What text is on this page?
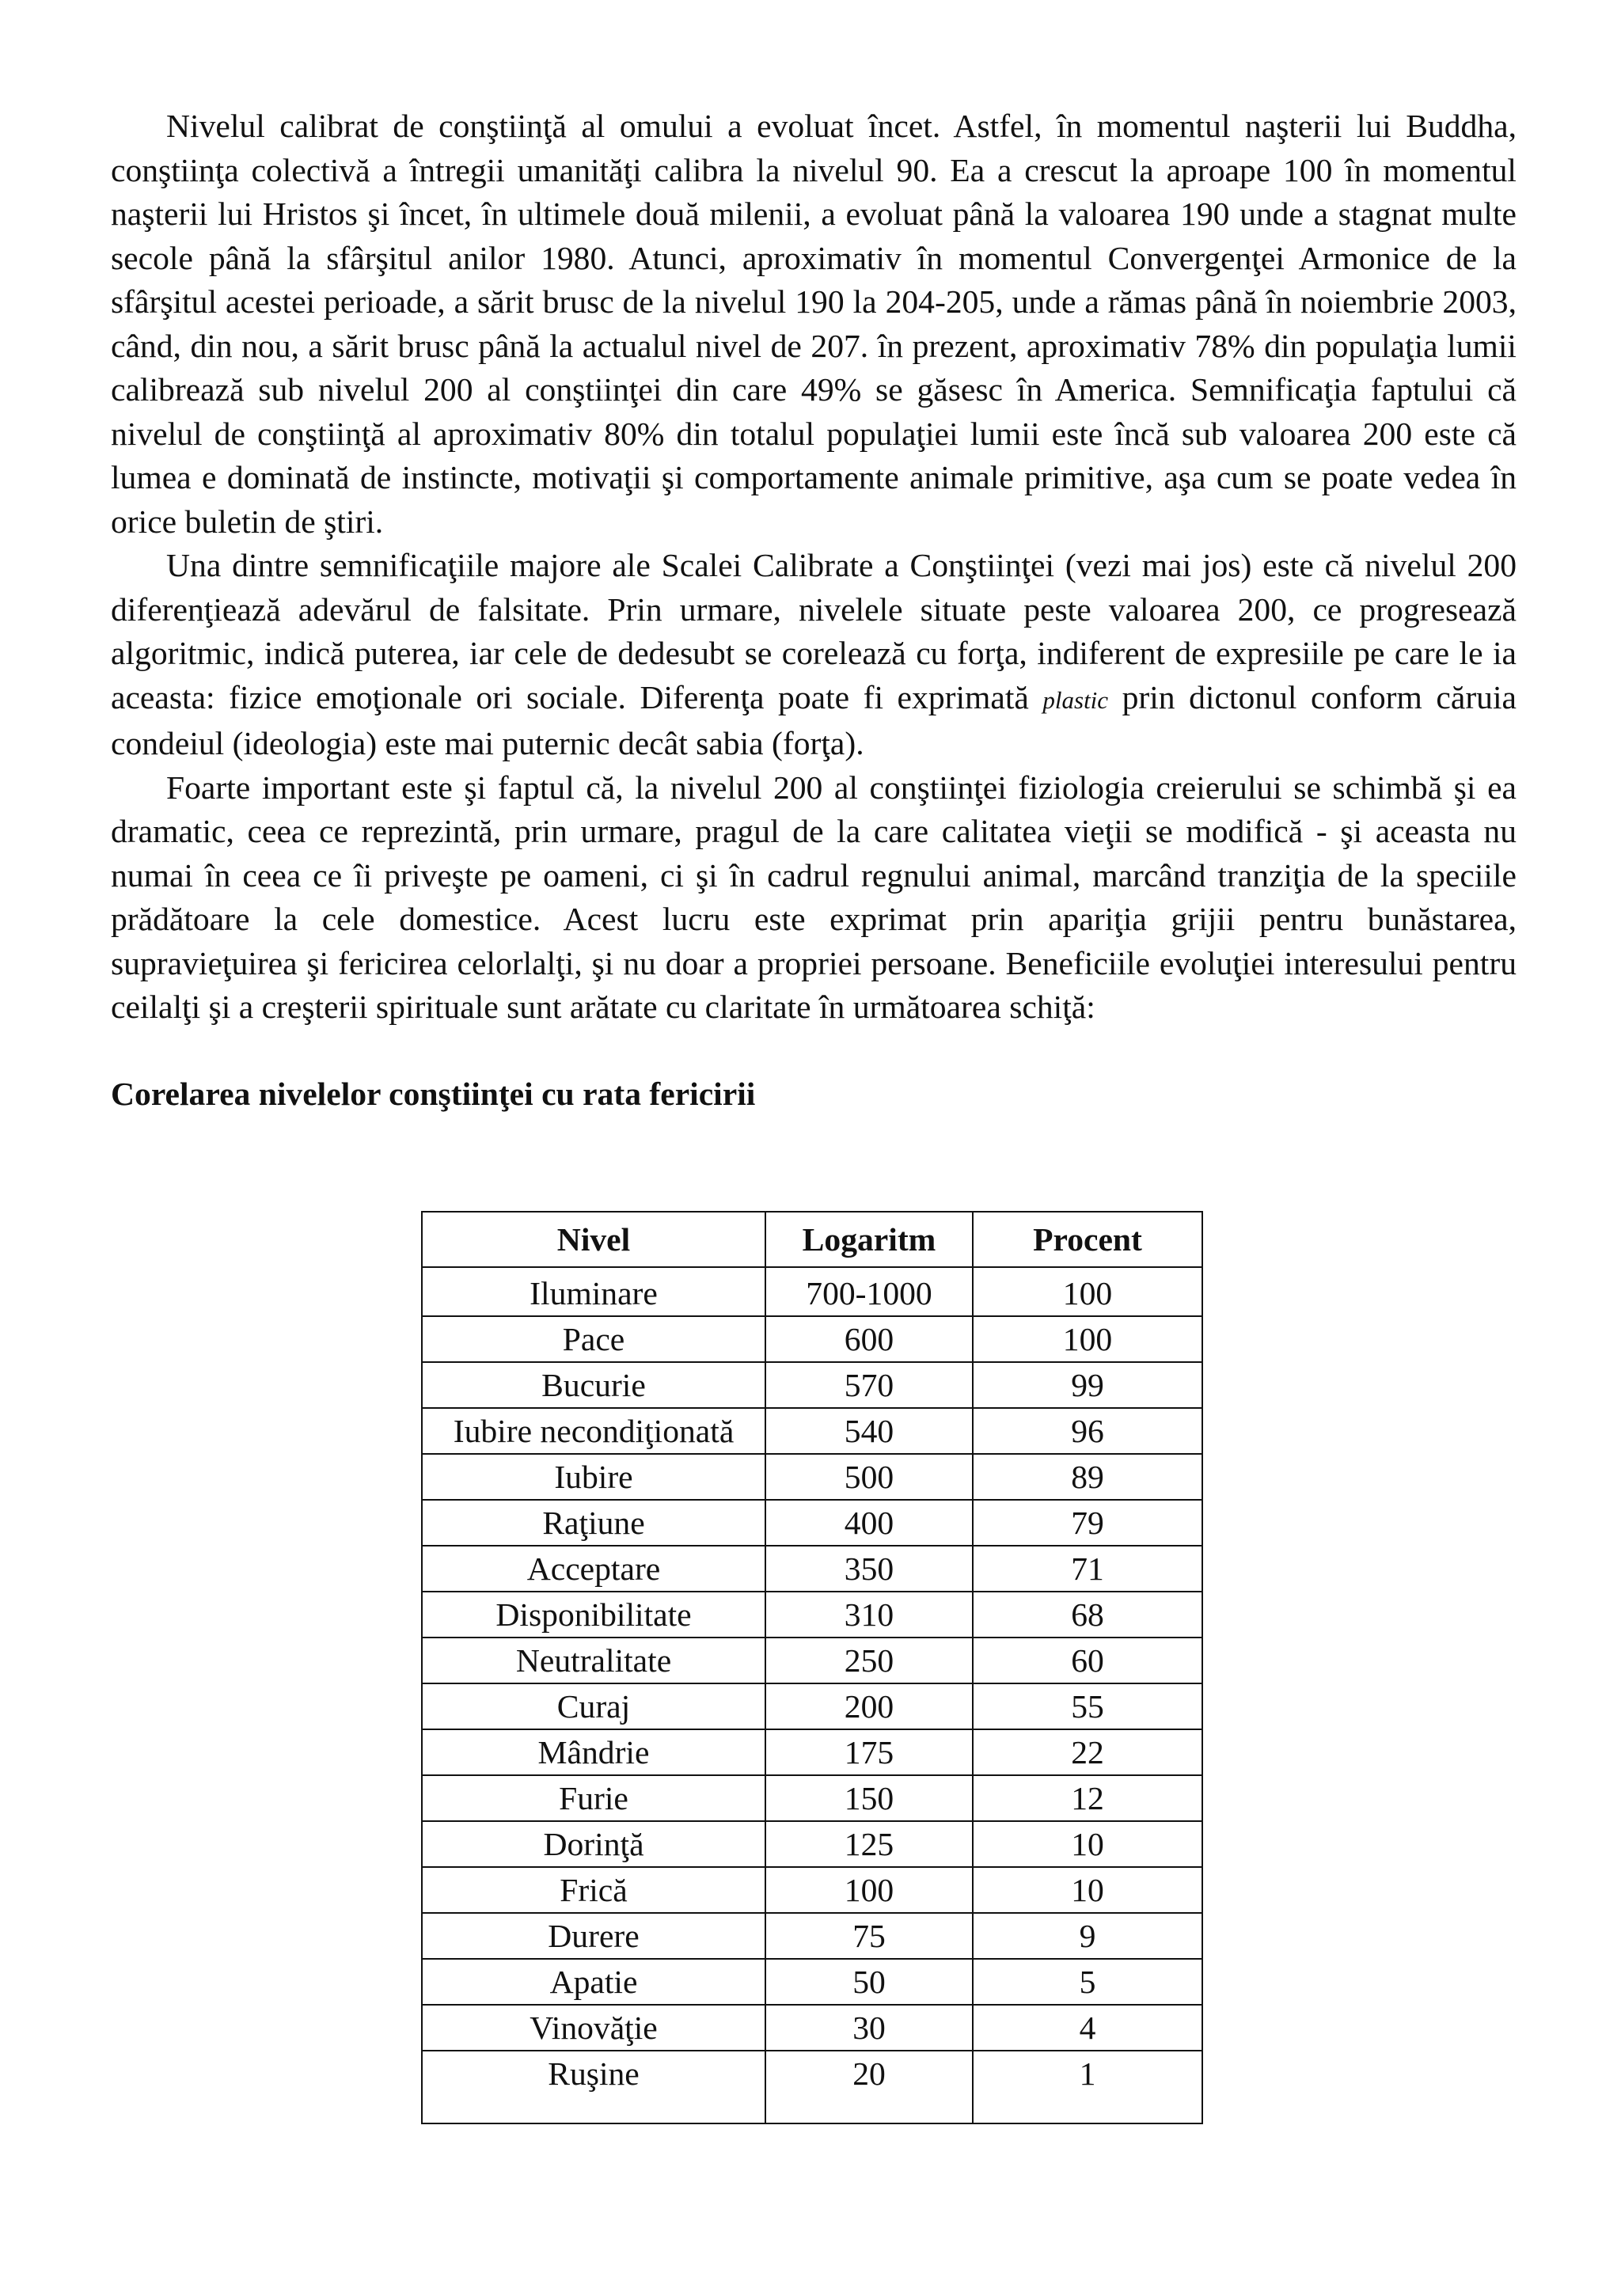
Nivelul calibrat de conştiinţă al omului a evoluat încet. Astfel, în momentul naşterii lui Buddha, conştiinţa colectivă a întregii umanităţi calibra la nivelul 90. Ea a crescut la aproape 100 în momentul naşterii lui Hristos şi încet, în ultimele două milenii, a evoluat până la valoarea 190 unde a stagnat multe secole până la sfârşitul anilor 1980. Atunci, aproximativ în momentul Convergenţei Armonice de la sfârşitul acestei perioade, a sărit brusc de la nivelul 190 la 204-205, unde a rămas până în noiembrie 2003, când, din nou, a sărit brusc până la actualul nivel de 207. în prezent, aproximativ 78% din populaţia lumii calibrează sub nivelul 200 al conştiinţei din care 49% se găsesc în America. Semnificaţia faptului că nivelul de conştiinţă al aproximativ 80% din totalul populaţiei lumii este încă sub valoarea 200 este că lumea e dominată de instincte, motivaţii şi comportamente animale primitive, aşa cum se poate vedea în orice buletin de ştiri.

Una dintre semnificaţiile majore ale Scalei Calibrate a Conştiinţei (vezi mai jos) este că nivelul 200 diferenţiează adevărul de falsitate. Prin urmare, nivelele situate peste valoarea 200, ce progresează algoritmic, indică puterea, iar cele de dedesubt se corelează cu forţa, indiferent de expresiile pe care le ia aceasta: fizice emoţionale ori sociale. Diferenţa poate fi exprimată plastic prin dictonul conform căruia condeiul (ideologia) este mai puternic decât sabia (forţa).

Foarte important este şi faptul că, la nivelul 200 al conştiinţei fiziologia creierului se schimbă şi ea dramatic, ceea ce reprezintă, prin urmare, pragul de la care calitatea vieţii se modifică - şi aceasta nu numai în ceea ce îi priveşte pe oameni, ci şi în cadrul regnului animal, marcând tranziţia de la speciile prădătoare la cele domestice. Acest lucru este exprimat prin apariţia grijii pentru bunăstarea, supravieţuirea şi fericirea celorlalţi, şi nu doar a propriei persoane. Beneficiile evoluţiei interesului pentru ceilalţi şi a creşterii spirituale sunt arătate cu claritate în următoarea schiţă:

Corelarea nivelelor conştiinţei cu rata fericirii

Nivel	Logaritm	Procent
Iluminare	700-1000	100
Pace	600	100
Bucurie	570	99
Iubire necondiţionată	540	96
Iubire	500	89
Raţiune	400	79
Acceptare	350	71
Disponibilitate	310	68
Neutralitate	250	60
Curaj	200	55
Mândrie	175	22
Furie	150	12
Dorinţă	125	10
Frică	100	10
Durere	75	9
Apatie	50	5
Vinovăţie	30	4
Ruşine	20	1
